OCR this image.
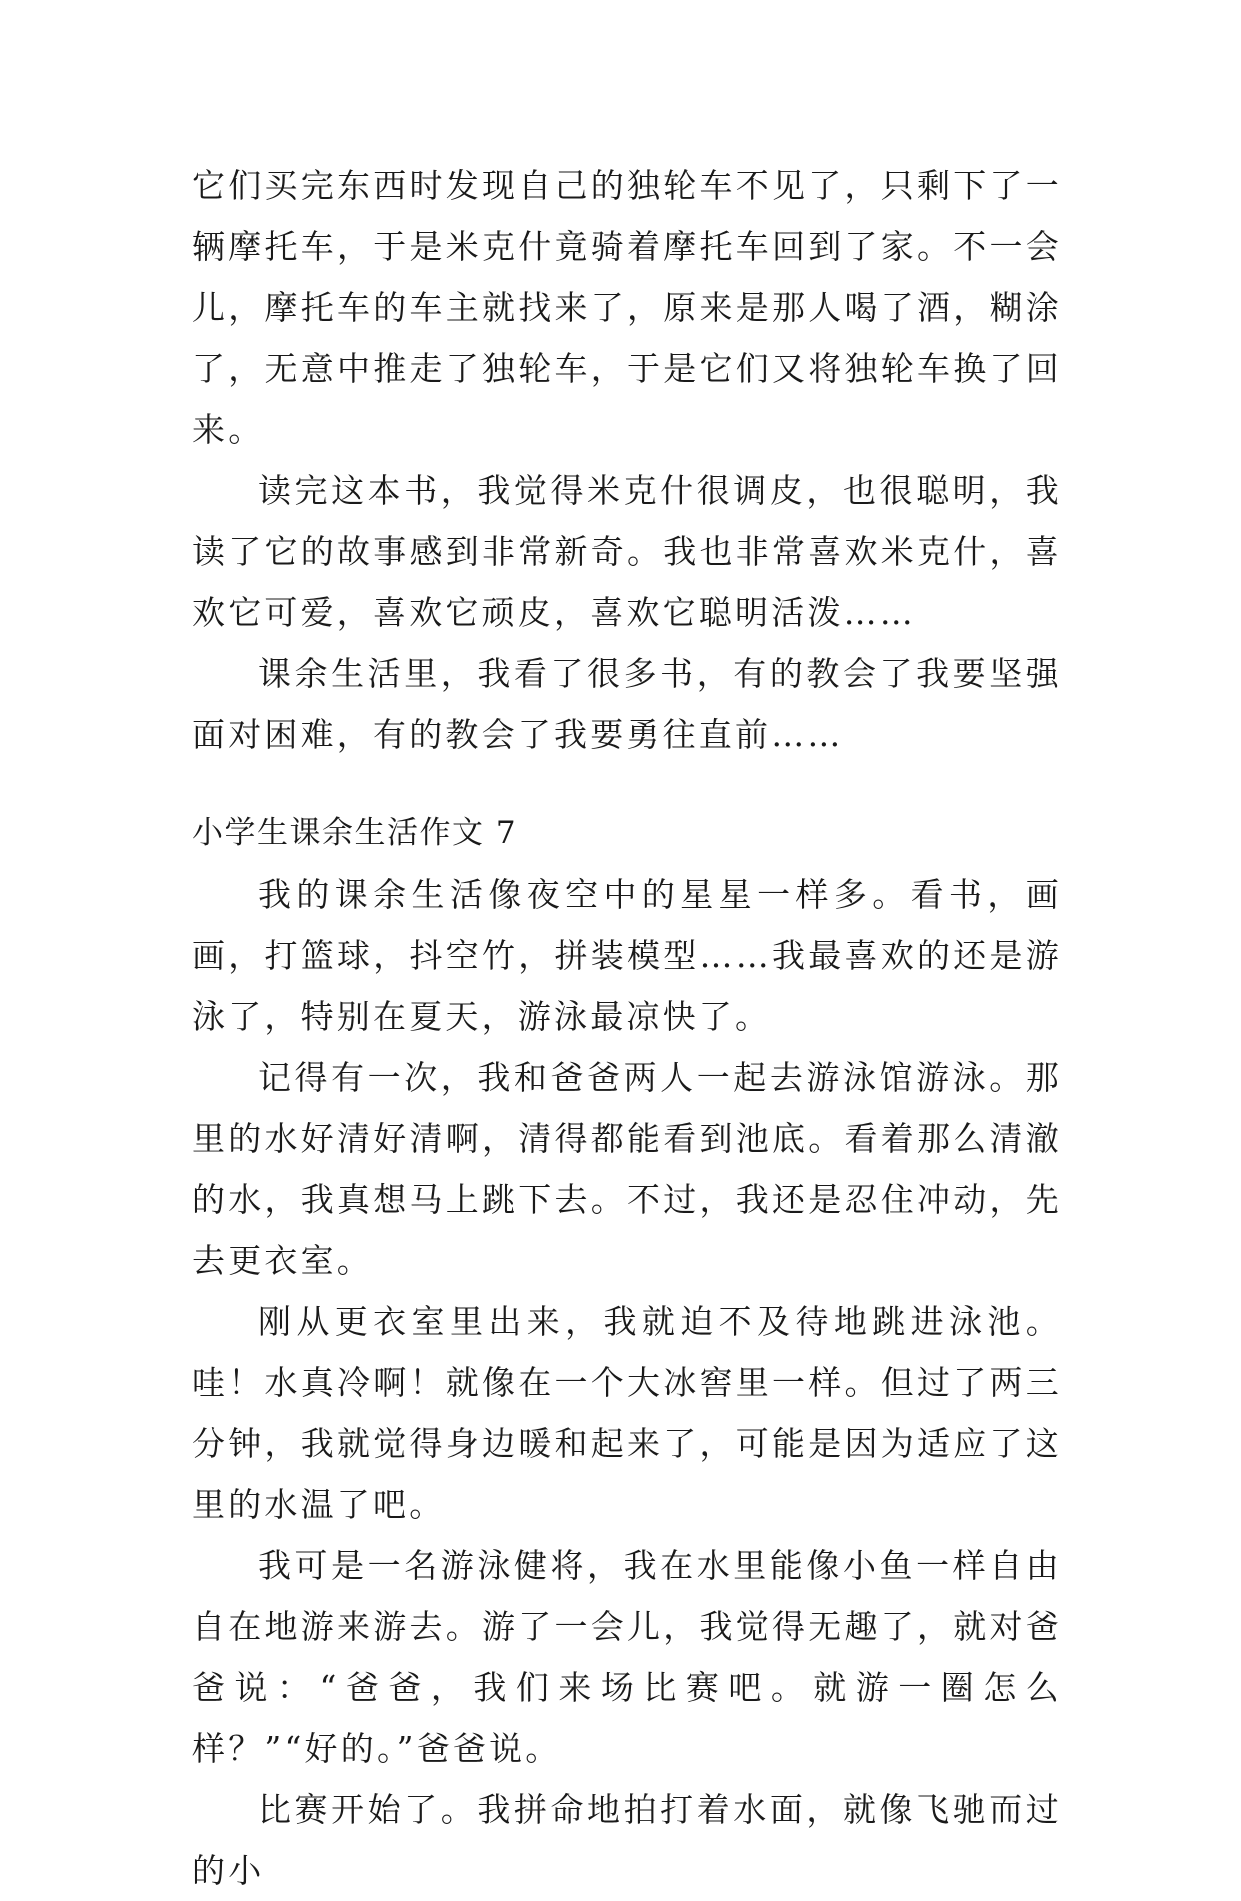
它们买完东西时发现自己的独轮车不见了，只剩下了一辆摩托车，于是米克什竟骑着摩托车回到了家。不一会儿，摩托车的车主就找来了，原来是那人喝了酒，糊涂了，无意中推走了独轮车，于是它们又将独轮车换了回来。

读完这本书，我觉得米克什很调皮，也很聪明，我读了它的故事感到非常新奇。我也非常喜欢米克什，喜欢它可爱，喜欢它顽皮，喜欢它聪明活泼……

课余生活里，我看了很多书，有的教会了我要坚强面对困难，有的教会了我要勇往直前……

小学生课余生活作文 7

我的课余生活像夜空中的星星一样多。看书，画画，打篮球，抖空竹，拼装模型……我最喜欢的还是游泳了，特别在夏天，游泳最凉快了。

记得有一次，我和爸爸两人一起去游泳馆游泳。那里的水好清好清啊，清得都能看到池底。看着那么清澈的水，我真想马上跳下去。不过，我还是忍住冲动，先去更衣室。

刚从更衣室里出来，我就迫不及待地跳进泳池。哇！水真冷啊！就像在一个大冰窖里一样。但过了两三分钟，我就觉得身边暖和起来了，可能是因为适应了这里的水温了吧。

我可是一名游泳健将，我在水里能像小鱼一样自由自在地游来游去。游了一会儿，我觉得无趣了，就对爸爸说：“爸爸，我们来场比赛吧。就游一圈怎么样？”“好的。”爸爸说。

比赛开始了。我拼命地拍打着水面，就像飞驰而过的小
